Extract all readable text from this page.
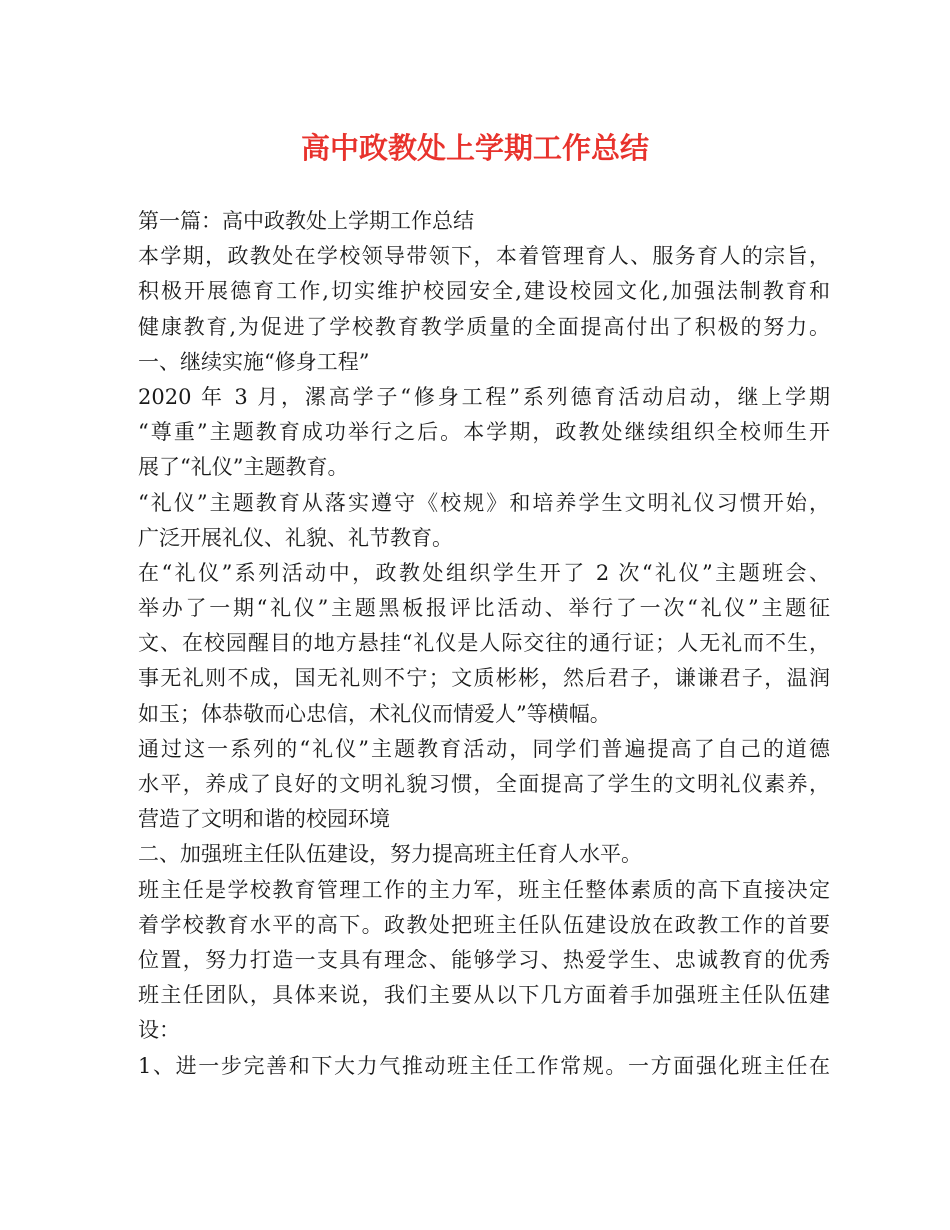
高中政教处上学期工作总结
第一篇：高中政教处上学期工作总结
本学期，政教处在学校领导带领下，本着管理育人、服务育人的宗旨，
积极开展德育工作,切实维护校园安全,建设校园文化,加强法制教育和
健康教育,为促进了学校教育教学质量的全面提高付出了积极的努力。
一、继续实施“修身工程”
2020 年 3 月，漯高学子“修身工程”系列德育活动启动，继上学期
“尊重”主题教育成功举行之后。本学期，政教处继续组织全校师生开
展了“礼仪”主题教育。
“礼仪”主题教育从落实遵守《校规》和培养学生文明礼仪习惯开始，
广泛开展礼仪、礼貌、礼节教育。
在“礼仪”系列活动中，政教处组织学生开了 2 次“礼仪”主题班会、
举办了一期“礼仪”主题黑板报评比活动、举行了一次“礼仪”主题征
文、在校园醒目的地方悬挂“礼仪是人际交往的通行证；人无礼而不生，
事无礼则不成，国无礼则不宁；文质彬彬，然后君子，谦谦君子，温润
如玉；体恭敬而心忠信，术礼仪而情爱人”等横幅。
通过这一系列的“礼仪”主题教育活动，同学们普遍提高了自己的道德
水平，养成了良好的文明礼貌习惯，全面提高了学生的文明礼仪素养，
营造了文明和谐的校园环境
二、加强班主任队伍建设，努力提高班主任育人水平。
班主任是学校教育管理工作的主力军，班主任整体素质的高下直接决定
着学校教育水平的高下。政教处把班主任队伍建设放在政教工作的首要
位置，努力打造一支具有理念、能够学习、热爱学生、忠诚教育的优秀
班主任团队，具体来说，我们主要从以下几方面着手加强班主任队伍建
设：
1、进一步完善和下大力气推动班主任工作常规。一方面强化班主任在
